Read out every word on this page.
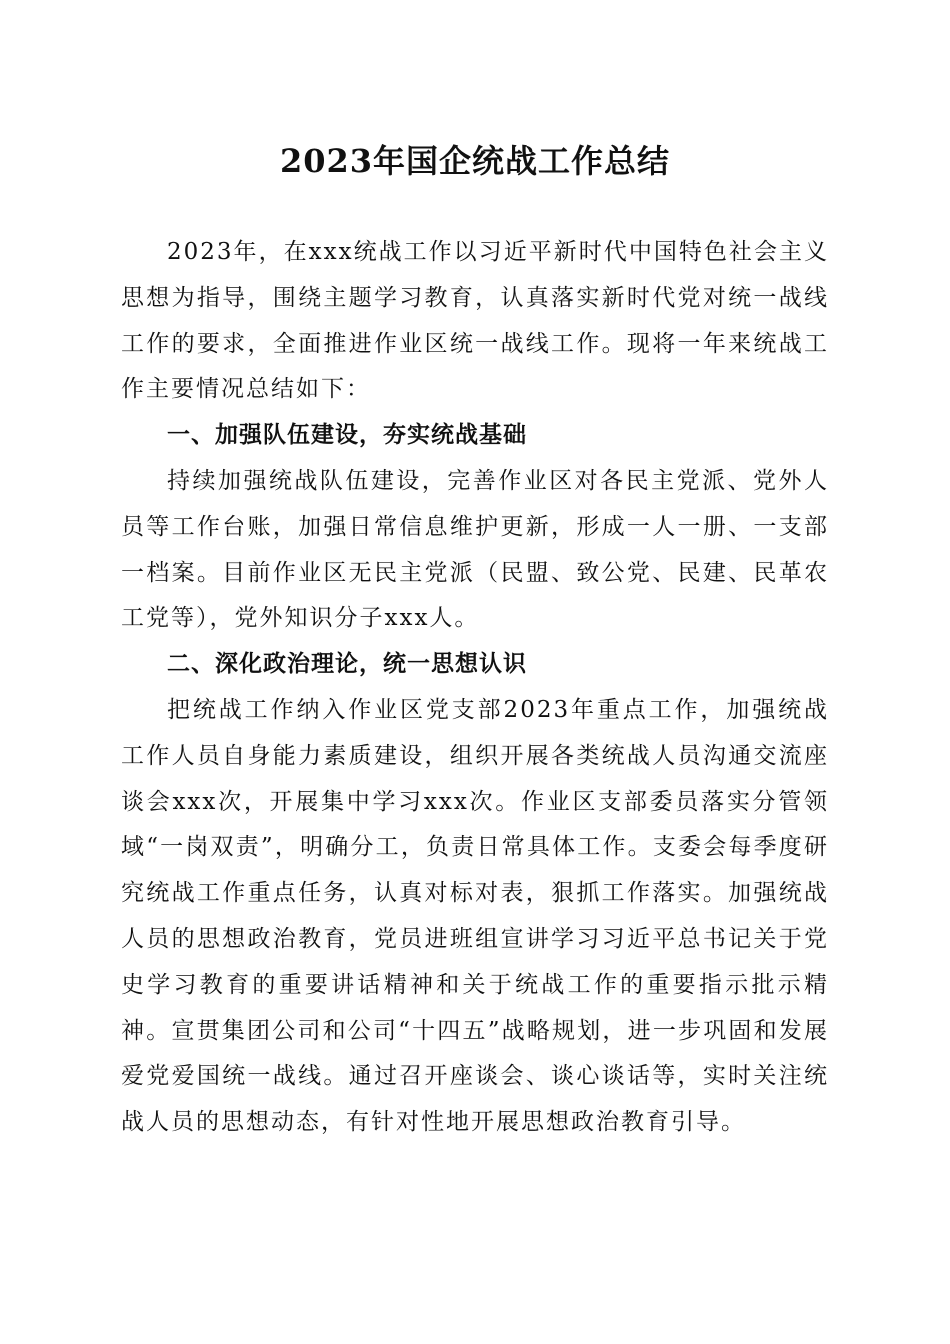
2023年国企统战工作总结

2023年，在xxx统战工作以习近平新时代中国特色社会主义思想为指导，围绕主题学习教育，认真落实新时代党对统一战线工作的要求，全面推进作业区统一战线工作。现将一年来统战工作主要情况总结如下：

一、加强队伍建设，夯实统战基础

持续加强统战队伍建设，完善作业区对各民主党派、党外人员等工作台账，加强日常信息维护更新，形成一人一册、一支部一档案。目前作业区无民主党派（民盟、致公党、民建、民革农工党等），党外知识分子xxx人。

二、深化政治理论，统一思想认识

把统战工作纳入作业区党支部2023年重点工作，加强统战工作人员自身能力素质建设，组织开展各类统战人员沟通交流座谈会xxx次，开展集中学习xxx次。作业区支部委员落实分管领域“一岗双责”，明确分工，负责日常具体工作。支委会每季度研究统战工作重点任务，认真对标对表，狠抓工作落实。加强统战人员的思想政治教育，党员进班组宣讲学习习近平总书记关于党史学习教育的重要讲话精神和关于统战工作的重要指示批示精神。宣贯集团公司和公司“十四五”战略规划，进一步巩固和发展爱党爱国统一战线。通过召开座谈会、谈心谈话等，实时关注统战人员的思想动态，有针对性地开展思想政治教育引导。
